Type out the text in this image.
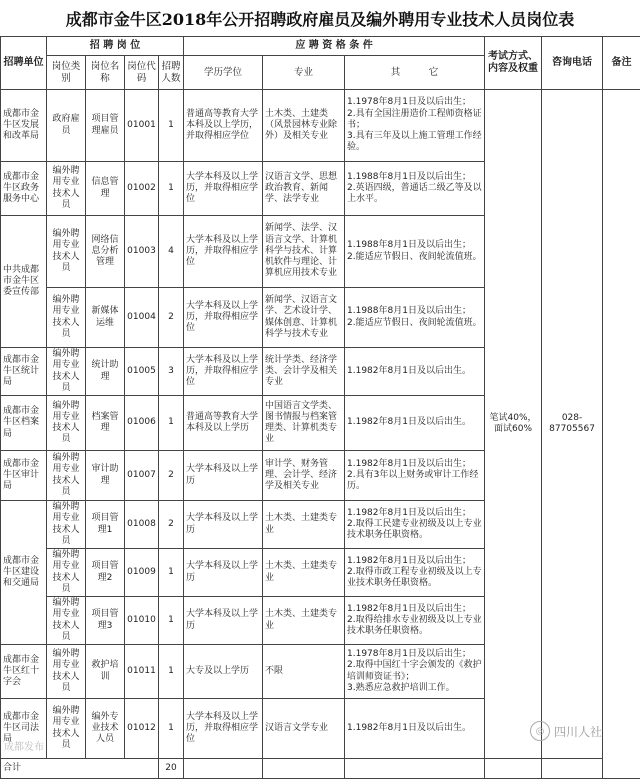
成都市金牛区2018年公开招聘政府雇员及编外聘用专业技术人员岗位表
招聘单位	招 聘 岗 位				应 聘 资 格 条 件			考试方式、内容及权重	咨询电话	备注
	岗位类别	岗位名称	岗位代码	招聘人数	学历学位	专业	其　　　它			
成都市金牛区发展和改革局	政府雇员	项目管理雇员	01001	1	普通高等教育大学本科及以上学历，并取得相应学位	土木类、土建类（风景园林专业除外）及相关专业	1.1978年8月1日及以后出生；
2.具有全国注册造价工程师资格证书；
3.具有三年及以上施工管理工作经验。	笔试40%，面试60%	028-87705567	
成都市金牛区政务服务中心	编外聘用专业技术人员	信息管理	01002	1	大学本科及以上学历，并取得相应学位	汉语言文学、思想政治教育、新闻学、法学专业	1.1988年8月1日及以后出生；
2.英语四级，普通话二级乙等及以上水平。			
中共成都市金牛区委宣传部	编外聘用专业技术人员	网络信息分析管理	01003	4	大学本科及以上学历，并取得相应学位	新闻学、法学、汉语言文学、计算机科学与技术、计算机软件与理论、计算机应用技术专业	1.1988年8月1日及以后出生；
2.能适应节假日、夜间轮流值班。			
	编外聘用专业技术人员	新媒体运维	01004	2	大学本科及以上学历，并取得相应学位	新闻学、汉语言文学、艺术设计学、媒体创意、计算机科学与技术专业	1.1988年8月1日及以后出生；
2.能适应节假日、夜间轮流值班。			
成都市金牛区统计局	编外聘用专业技术人员	统计助理	01005	3	大学本科及以上学历，并取得相应学位	统计学类、经济学类、会计学及相关专业	1.1982年8月1日及以后出生。			
成都市金牛区档案局	编外聘用专业技术人员	档案管理	01006	1	普通高等教育大学本科及以上学历	中国语言文学类、图书情报与档案管理类、计算机类专业	1.1982年8月1日及以后出生。			
成都市金牛区审计局	编外聘用专业技术人员	审计助理	01007	2	大学本科及以上学历	审计学、财务管理、会计学、经济学及相关专业	1.1982年8月1日及以后出生；
2.具有3年以上财务或审计工作经历。			
成都市金牛区建设和交通局	编外聘用专业技术人员	项目管理1	01008	2	大学本科及以上学历	土木类、土建类专业	1.1982年8月1日及以后出生；
2.取得工民建专业初级及以上专业技术职务任职资格。			
	编外聘用专业技术人员	项目管理2	01009	1	大学本科及以上学历	土木类、土建类专业	1.1982年8月1日及以后出生；
2.取得市政工程专业初级及以上专业技术职务任职资格。			
	编外聘用专业技术人员	项目管理3	01010	1	大学本科及以上学历	土木类、土建类专业	1.1982年8月1日及以后出生；
2.取得给排水专业初级及以上专业技术职务任职资格。			
成都市金牛区红十字会	编外聘用专业技术人员	救护培训	01011	1	大专及以上学历	不限	1.1978年8月1日及以后出生；
2.取得中国红十字会颁发的《救护培训师资证书》；
3.熟悉应急救护培训工作。			
成都市金牛区司法局	编外聘用专业技术人员	编外专业技术人员	01012	1	大学本科及以上学历，并取得相应学位	汉语言文学专业	1.1982年8月1日及以后出生。			
合计				20						
成都发布
◎ 四川人社
